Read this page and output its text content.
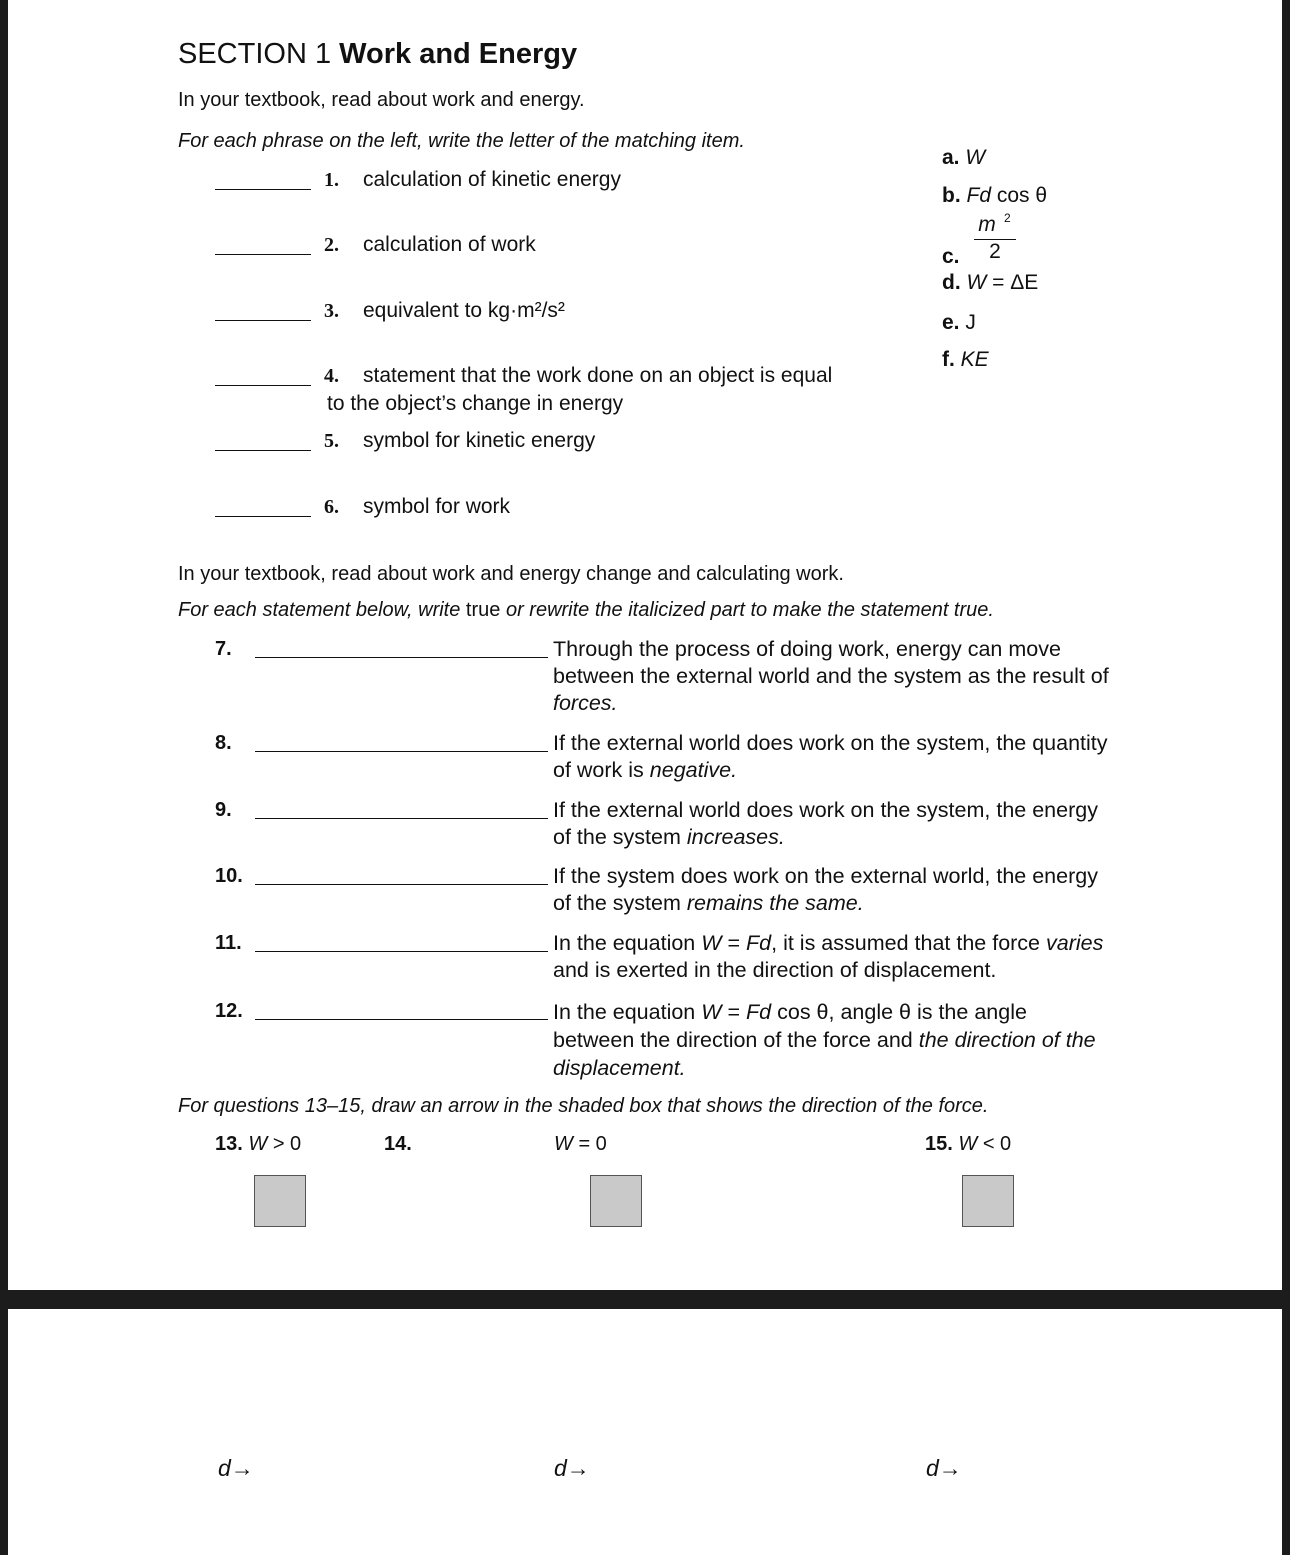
SECTION 1 Work and Energy
In your textbook, read about work and energy.
For each phrase on the left, write the letter of the matching item.
1. calculation of kinetic energy
2. calculation of work
3. equivalent to kg·m²/s²
4. statement that the work done on an object is equal
to the object’s change in energy
5. symbol for kinetic energy
6. symbol for work
a. W
b. Fd cos θ
c.
m 2
2
d. W = ΔE
e. J
f. KE
In your textbook, read about work and energy change and calculating work.
For each statement below, write true or rewrite the italicized part to make the statement true.
7.	Through the process of doing work, energy can move
between the external world and the system as the result of
forces.
8.	If the external world does work on the system, the quantity
of work is negative.
9.	If the external world does work on the system, the energy
of the system increases.
10.	If the system does work on the external world, the energy
of the system remains the same.
11.	In the equation W = Fd, it is assumed that the force varies
and is exerted in the direction of displacement.
12.	In the equation W = Fd cos θ, angle θ is the angle
between the direction of the force and the direction of the
displacement.
For questions 13–15, draw an arrow in the shaded box that shows the direction of the force.
13. W > 0	14.	W = 0	15. W < 0
d→	d→	d→
